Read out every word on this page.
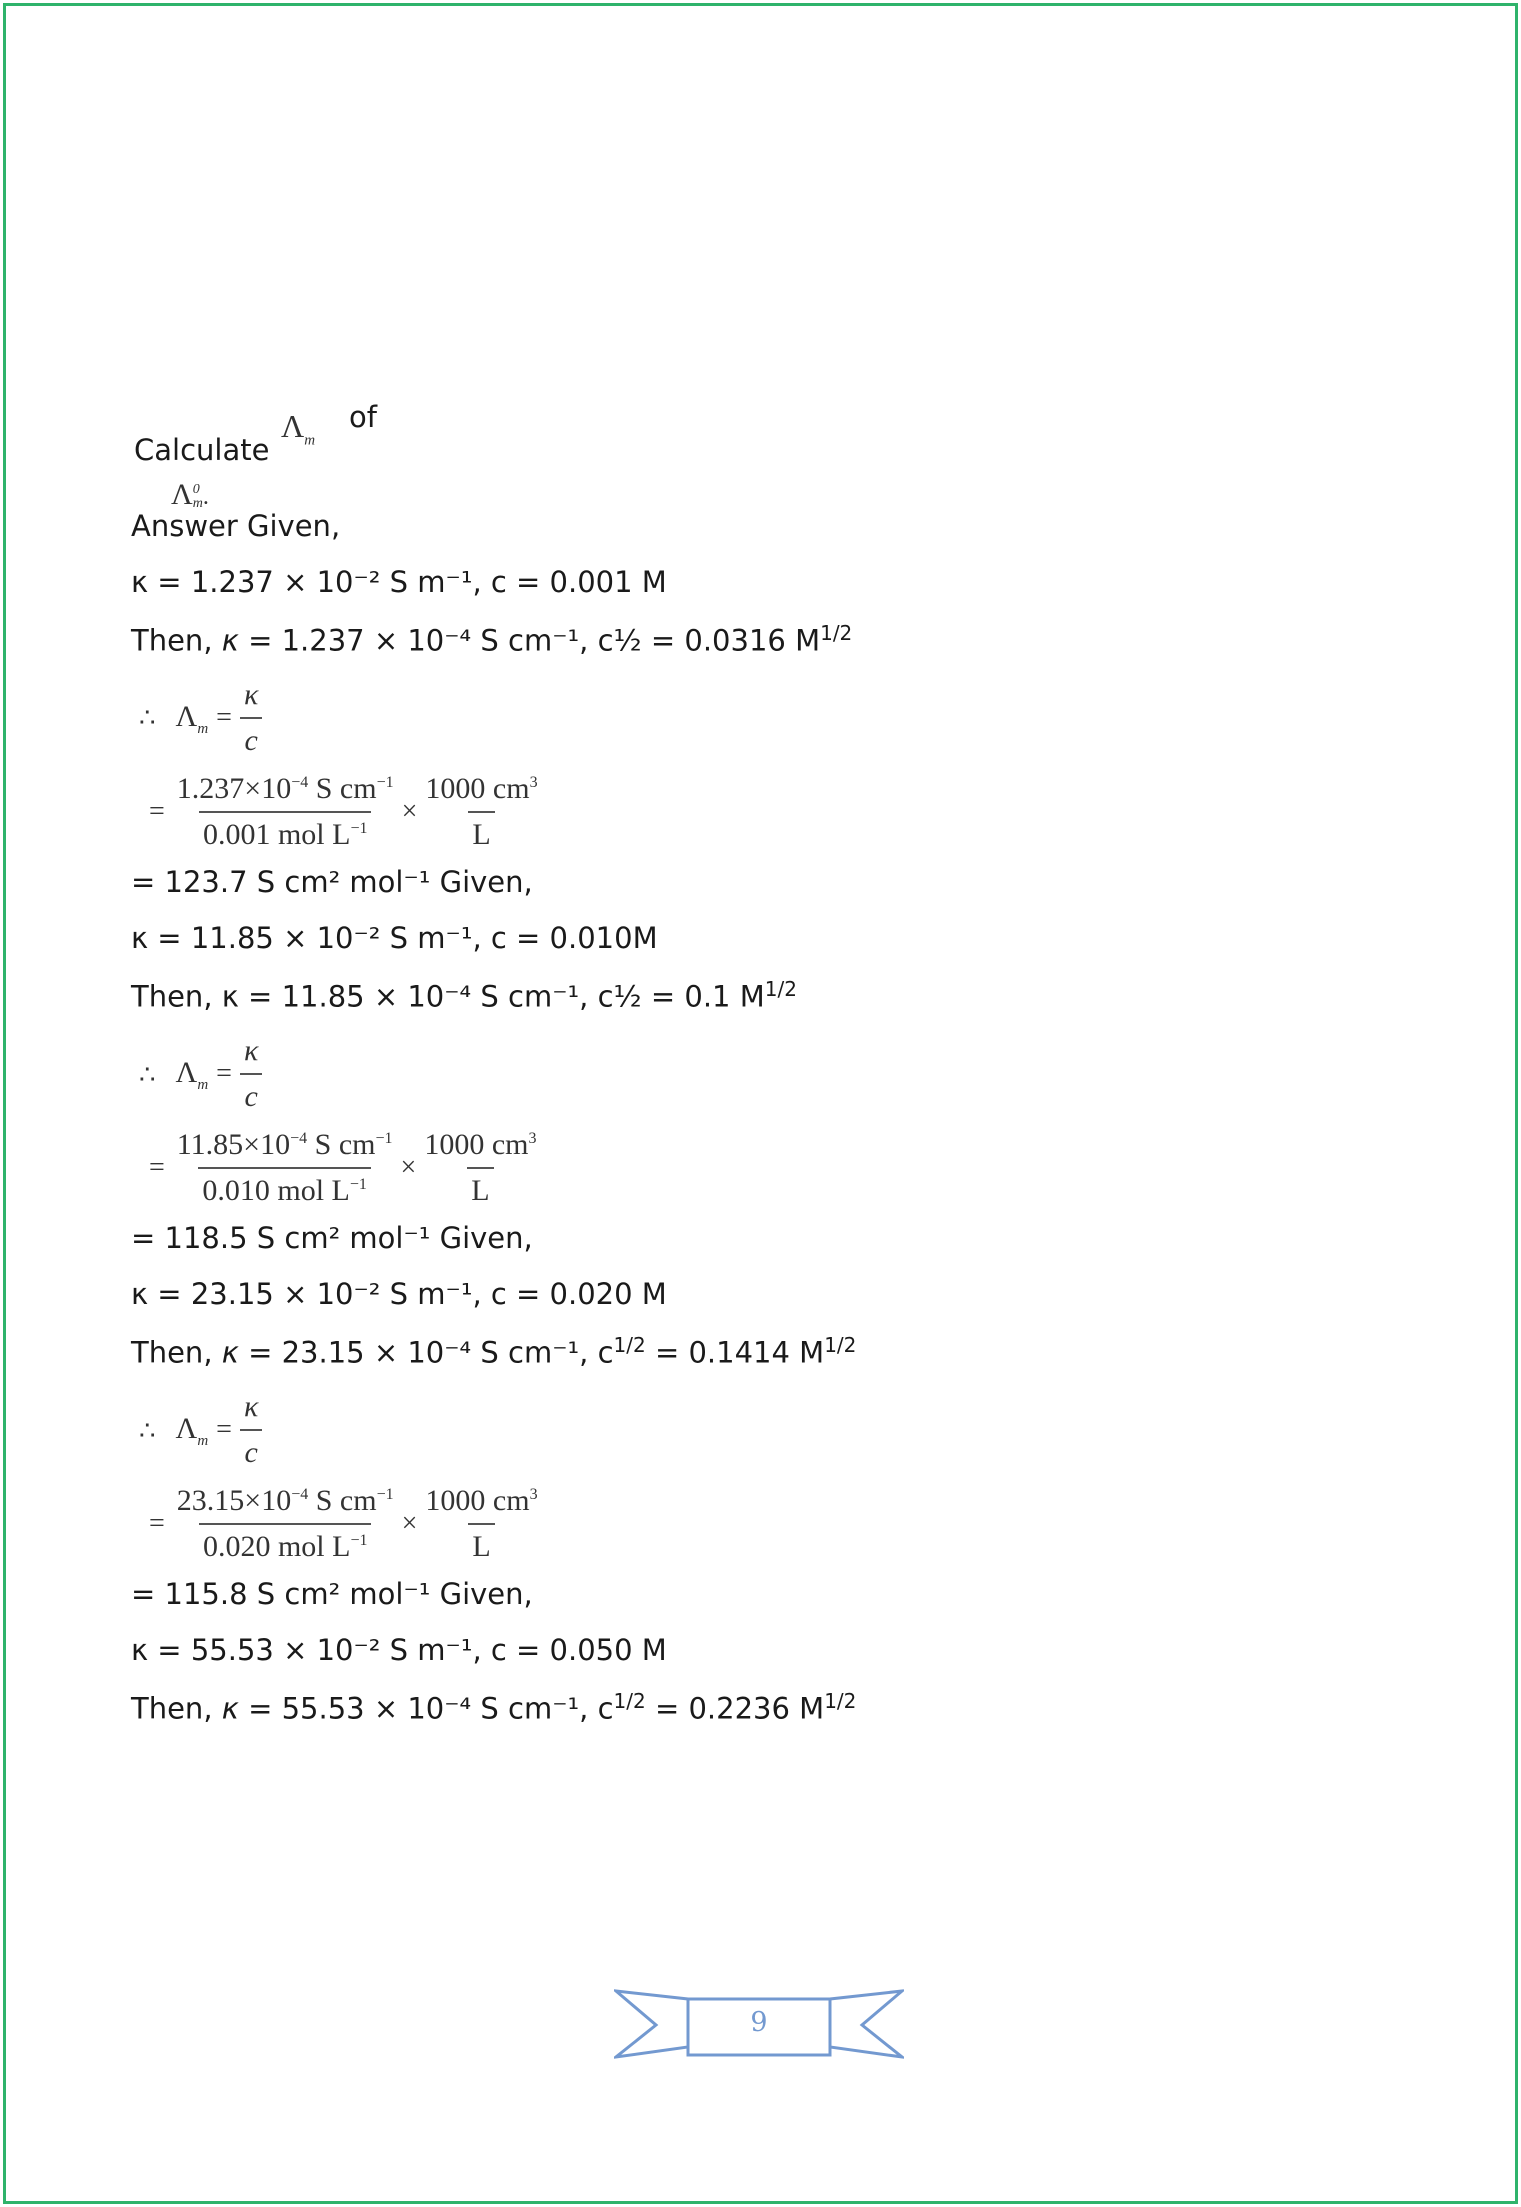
Calculate
$\Lambda_m$
of
Λ0
m.
Answer Given,
κ = 1.237 × 10⁻² S m⁻¹, c = 0.001 M
Then, κ = 1.237 × 10⁻⁴ S cm⁻¹, c½ = 0.0316 $M^{1/2}$
∴ $\Lambda_m = \frac{\kappa}{c}$
= $\frac{1.237\times 10^{-4} S cm^{-1}}{0.001 mol L^{-1}} \times \frac{1000 cm^3}{L}$
= 123.7 S cm² mol⁻¹ Given,
κ = 11.85 × 10⁻² S m⁻¹, c = 0.010M
Then, κ = 11.85 × 10⁻⁴ S cm⁻¹, c½ = 0.1 $M^{1/2}$
∴ $\Lambda_m = \frac{\kappa}{c}$
= $\frac{11.85\times 10^{-4} S cm^{-1}}{0.010 mol L^{-1}} \times \frac{1000 cm^3}{L}$
= 118.5 S cm² mol⁻¹ Given,
κ = 23.15 × 10⁻² S m⁻¹, c = 0.020 M
Then, κ = 23.15 × 10⁻⁴ S cm⁻¹, $c^{1/2} = 0.1414$ $M^{1/2}$
∴ $\Lambda_m = \frac{\kappa}{c}$
= $\frac{23.15\times 10^{-4} S cm^{-1}}{0.020 mol L^{-1}} \times \frac{1000 cm^3}{L}$
= 115.8 S cm² mol⁻¹ Given,
κ = 55.53 × 10⁻² S m⁻¹, c = 0.050 M
Then, κ = 55.53 × 10⁻⁴ S cm⁻¹, $c^{1/2} = 0.2236$ $M^{1/2}$
9
